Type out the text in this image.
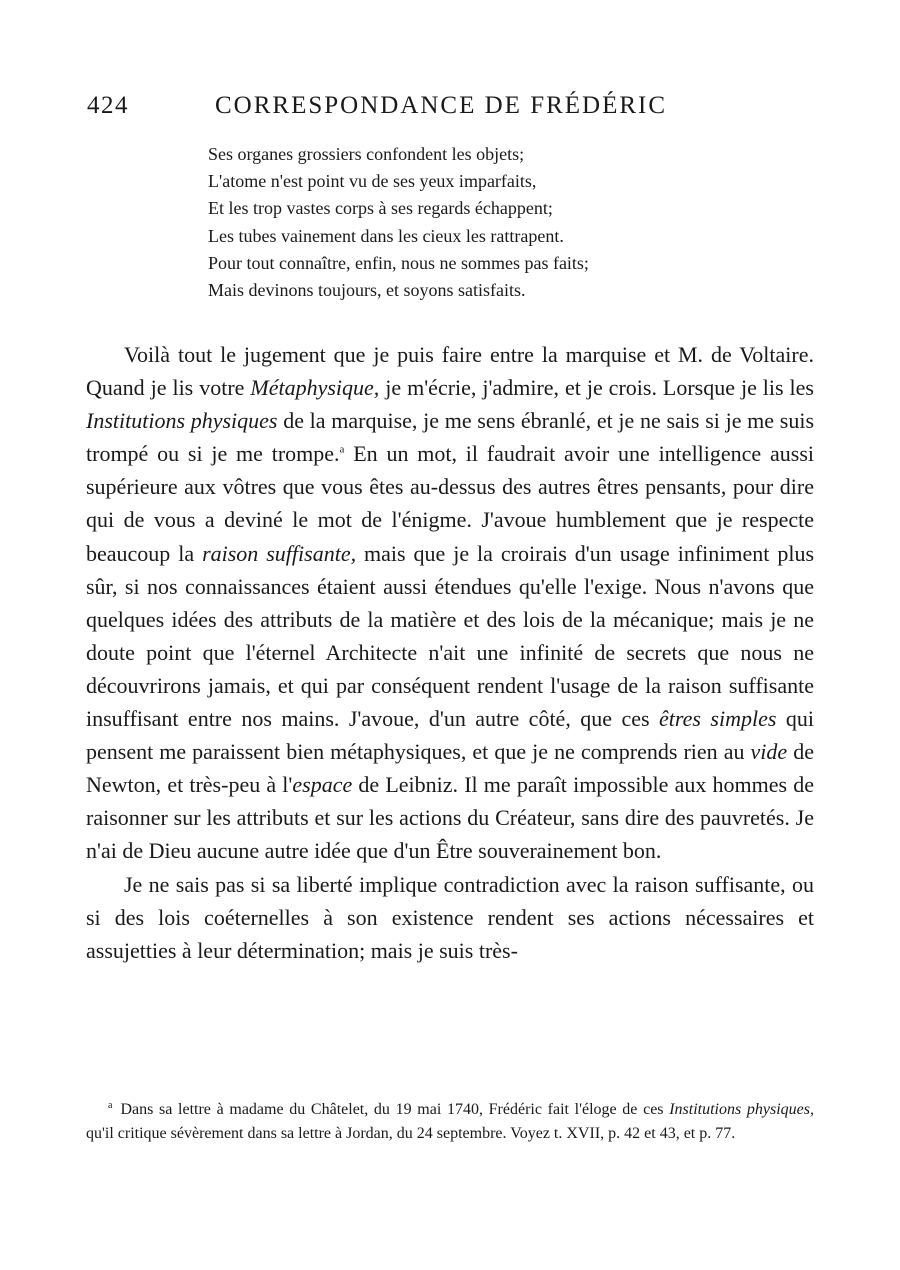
424	CORRESPONDANCE DE FRÉDÉRIC
Ses organes grossiers confondent les objets;
L'atome n'est point vu de ses yeux imparfaits,
Et les trop vastes corps à ses regards échappent;
Les tubes vainement dans les cieux les rattrapent.
Pour tout connaître, enfin, nous ne sommes pas faits;
Mais devinons toujours, et soyons satisfaits.

Voilà tout le jugement que je puis faire entre la marquise et M. de Voltaire. Quand je lis votre Métaphysique, je m'écrie, j'admire, et je crois. Lorsque je lis les Institutions physiques de la marquise, je me sens ébranlé, et je ne sais si je me suis trompé ou si je me trompe.$^a$ En un mot, il faudrait avoir une intelligence aussi supérieure aux vôtres que vous êtes au-dessus des autres êtres pensants, pour dire qui de vous a deviné le mot de l'énigme. J'avoue humblement que je respecte beaucoup la raison suffisante, mais que je la croirais d'un usage infiniment plus sûr, si nos connaissances étaient aussi étendues qu'elle l'exige. Nous n'avons que quelques idées des attributs de la matière et des lois de la mécanique; mais je ne doute point que l'éternel Architecte n'ait une infinité de secrets que nous ne découvrirons jamais, et qui par conséquent rendent l'usage de la raison suffisante insuffisant entre nos mains. J'avoue, d'un autre côté, que ces êtres simples qui pensent me paraissent bien métaphysiques, et que je ne comprends rien au vide de Newton, et très-peu à l'espace de Leibniz. Il me paraît impossible aux hommes de raisonner sur les attributs et sur les actions du Créateur, sans dire des pauvretés. Je n'ai de Dieu aucune autre idée que d'un Être souverainement bon.

Je ne sais pas si sa liberté implique contradiction avec la raison suffisante, ou si des lois coéternelles à son existence rendent ses actions nécessaires et assujetties à leur détermination; mais je suis très-

$^a$ Dans sa lettre à madame du Châtelet, du 19 mai 1740, Frédéric fait l'éloge de ces Institutions physiques, qu'il critique sévèrement dans sa lettre à Jordan, du 24 septembre. Voyez t. XVII, p. 42 et 43, et p. 77.
